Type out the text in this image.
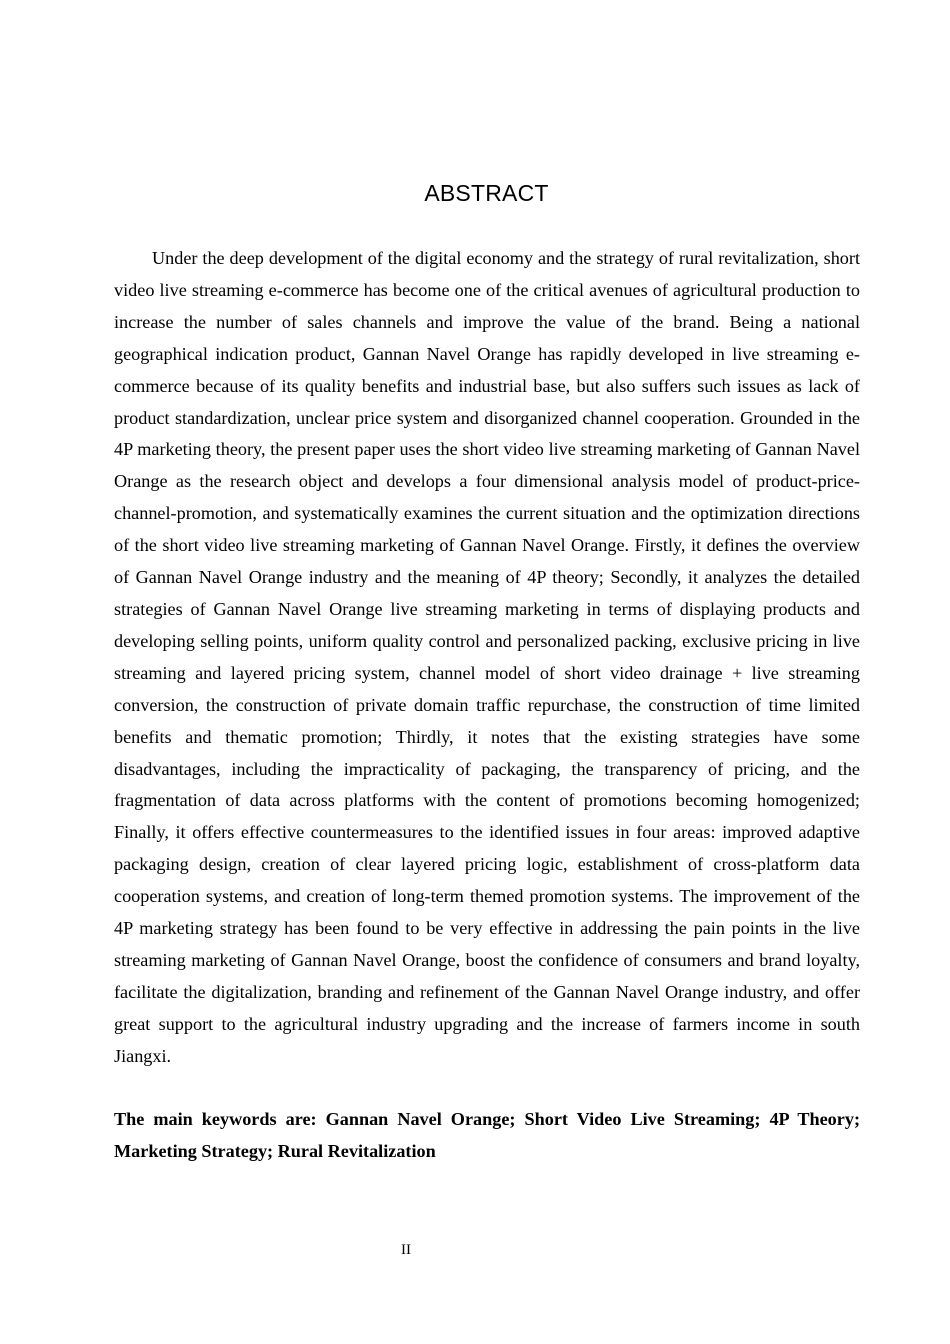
ABSTRACT

Under the deep development of the digital economy and the strategy of rural revitalization, short video live streaming e-commerce has become one of the critical avenues of agricultural production to increase the number of sales channels and improve the value of the brand. Being a national geographical indication product, Gannan Navel Orange has rapidly developed in live streaming e-commerce because of its quality benefits and industrial base, but also suffers such issues as lack of product standardization, unclear price system and disorganized channel cooperation. Grounded in the 4P marketing theory, the present paper uses the short video live streaming marketing of Gannan Navel Orange as the research object and develops a four dimensional analysis model of product-price-channel-promotion, and systematically examines the current situation and the optimization directions of the short video live streaming marketing of Gannan Navel Orange. Firstly, it defines the overview of Gannan Navel Orange industry and the meaning of 4P theory; Secondly, it analyzes the detailed strategies of Gannan Navel Orange live streaming marketing in terms of displaying products and developing selling points, uniform quality control and personalized packing, exclusive pricing in live streaming and layered pricing system, channel model of short video drainage + live streaming conversion, the construction of private domain traffic repurchase, the construction of time limited benefits and thematic promotion; Thirdly, it notes that the existing strategies have some disadvantages, including the impracticality of packaging, the transparency of pricing, and the fragmentation of data across platforms with the content of promotions becoming homogenized; Finally, it offers effective countermeasures to the identified issues in four areas: improved adaptive packaging design, creation of clear layered pricing logic, establishment of cross-platform data cooperation systems, and creation of long-term themed promotion systems. The improvement of the 4P marketing strategy has been found to be very effective in addressing the pain points in the live streaming marketing of Gannan Navel Orange, boost the confidence of consumers and brand loyalty, facilitate the digitalization, branding and refinement of the Gannan Navel Orange industry, and offer great support to the agricultural industry upgrading and the increase of farmers income in south Jiangxi.

The main keywords are: Gannan Navel Orange; Short Video Live Streaming; 4P Theory; Marketing Strategy; Rural Revitalization

II
